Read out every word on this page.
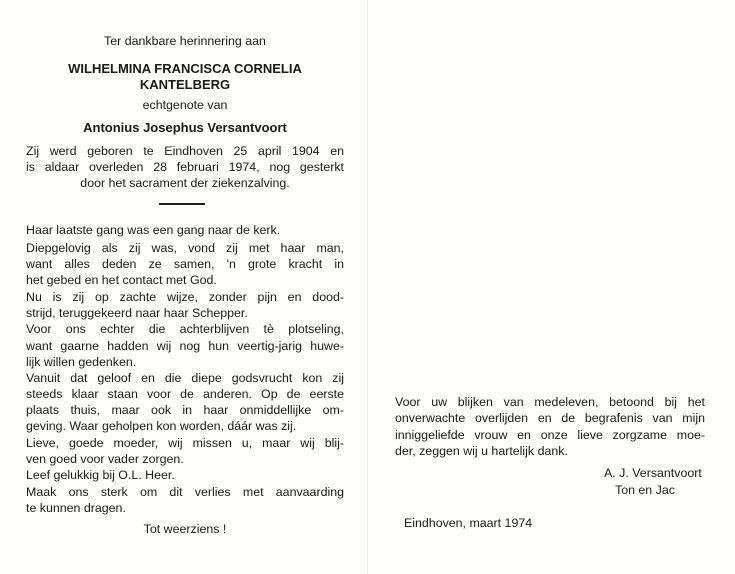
Ter dankbare herinnering aan
WILHELMINA FRANCISCA CORNELIA
KANTELBERG
echtgenote van
Antonius Josephus Versantvoort
Zij werd geboren te Eindhoven 25 april 1904 en
is aldaar overleden 28 februari 1974, nog gesterkt
door het sacrament der ziekenzalving.
Haar laatste gang was een gang naar de kerk.
Diepgelovig als zij was, vond zij met haar man,
want alles deden ze samen, 'n grote kracht in
het gebed en het contact met God.
Nu is zij op zachte wijze, zonder pijn en dood-
strijd, teruggekeerd naar haar Schepper.
Voor ons echter die achterblijven tè plotseling,
want gaarne hadden wij nog hun veertig-jarig huwe-
lijk willen gedenken.
Vanuit dat geloof en die diepe godsvrucht kon zij
steeds klaar staan voor de anderen. Op de eerste
plaats thuis, maar ook in haar onmiddellijke om-
geving. Waar geholpen kon worden, dáár was zij.
Lieve, goede moeder, wij missen u, maar wij blij-
ven goed voor vader zorgen.
Leef gelukkig bij O.L. Heer.
Maak ons sterk om dit verlies met aanvaarding
te kunnen dragen.
Tot weerziens !
Voor uw blijken van medeleven, betoond bij het
onverwachte overlijden en de begrafenis van mijn
inniggeliefde vrouw en onze lieve zorgzame moe-
der, zeggen wij u hartelijk dank.
A. J. Versantvoort
Ton en Jac
Eindhoven, maart 1974
